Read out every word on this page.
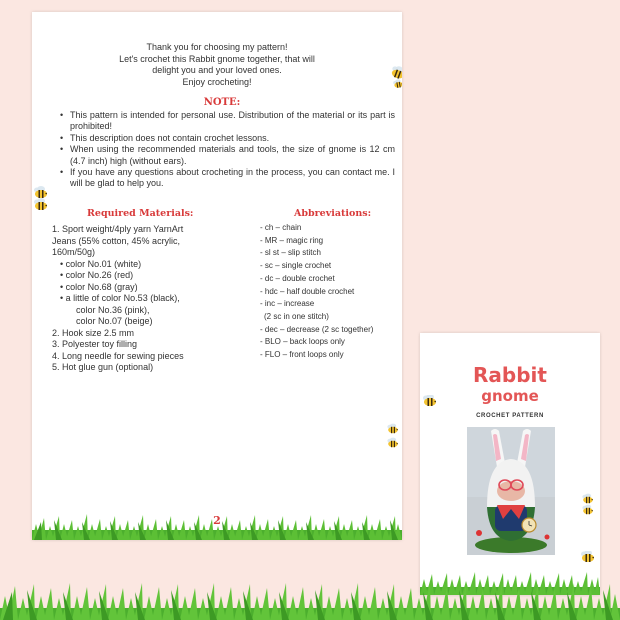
Thank you for choosing my pattern!
Let's crochet this Rabbit gnome together, that will
delight you and your loved ones.
Enjoy crocheting!
NOTE:
• This pattern is intended for personal use. Distribution of the material or its part is prohibited!
• This description does not contain crochet lessons.
• When using the recommended materials and tools, the size of gnome is 12 cm (4.7 inch) high (without ears).
• If you have any questions about crocheting in the process, you can contact me. I will be glad to help you.
Required Materials:	Abbreviations:
1. Sport weight/4ply yarn YarnArt
Jeans (55% cotton, 45% acrylic,
160m/50g)
• color No.01 (white)
• color No.26 (red)
• color No.68 (gray)
• a little of color No.53 (black),
color No.36 (pink),
color No.07 (beige)
2. Hook size 2.5 mm
3. Polyester toy filling
4. Long needle for sewing pieces
5. Hot glue gun (optional)
- ch – chain
- MR – magic ring
- sl st – slip stitch
- sc – single crochet
- dc – double crochet
- hdc – half double crochet
- inc – increase
(2 sc in one stitch)
- dec – decrease (2 sc together)
- BLO – back loops only
- FLO – front loops only
2
Rabbit
gnome
CROCHET PATTERN
